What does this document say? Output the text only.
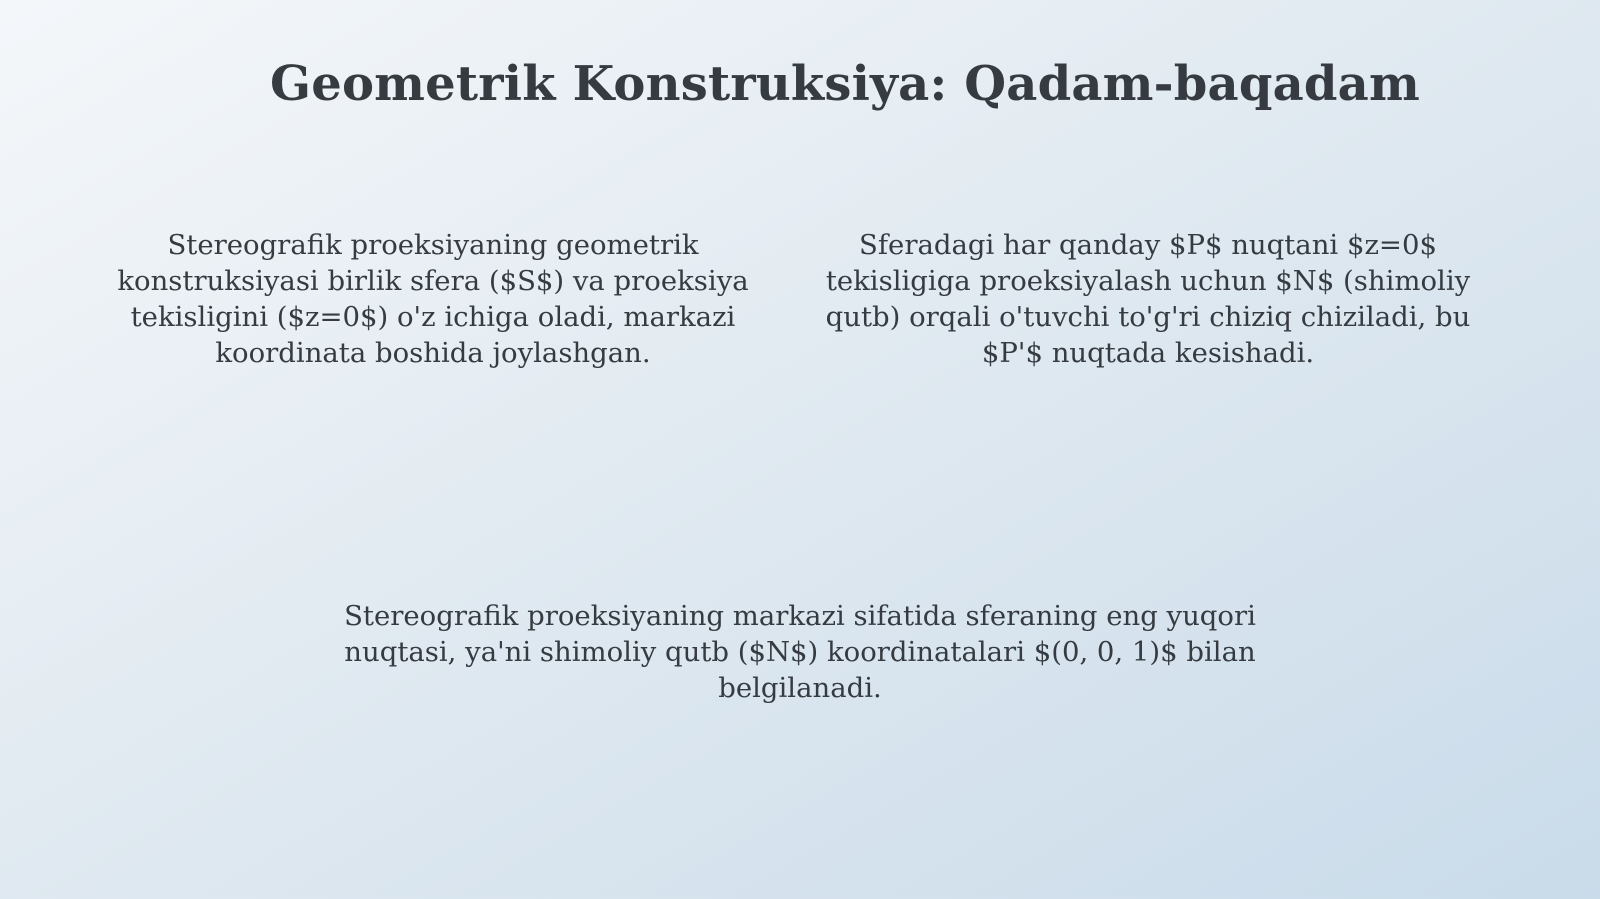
Geometrik Konstruksiya: Qadam-baqadam

Stereografik proeksiyaning geometrik konstruksiyasi birlik sfera ($S$) va proeksiya tekisligini ($z=0$) o'z ichiga oladi, markazi koordinata boshida joylashgan.

Sferadagi har qanday $P$ nuqtani $z=0$ tekisligiga proeksiyalash uchun $N$ (shimoliy qutb) orqali o'tuvchi to'g'ri chiziq chiziladi, bu $P'$ nuqtada kesishadi.

Stereografik proeksiyaning markazi sifatida sferaning eng yuqori nuqtasi, ya'ni shimoliy qutb ($N$) koordinatalari $(0, 0, 1)$ bilan belgilanadi.
